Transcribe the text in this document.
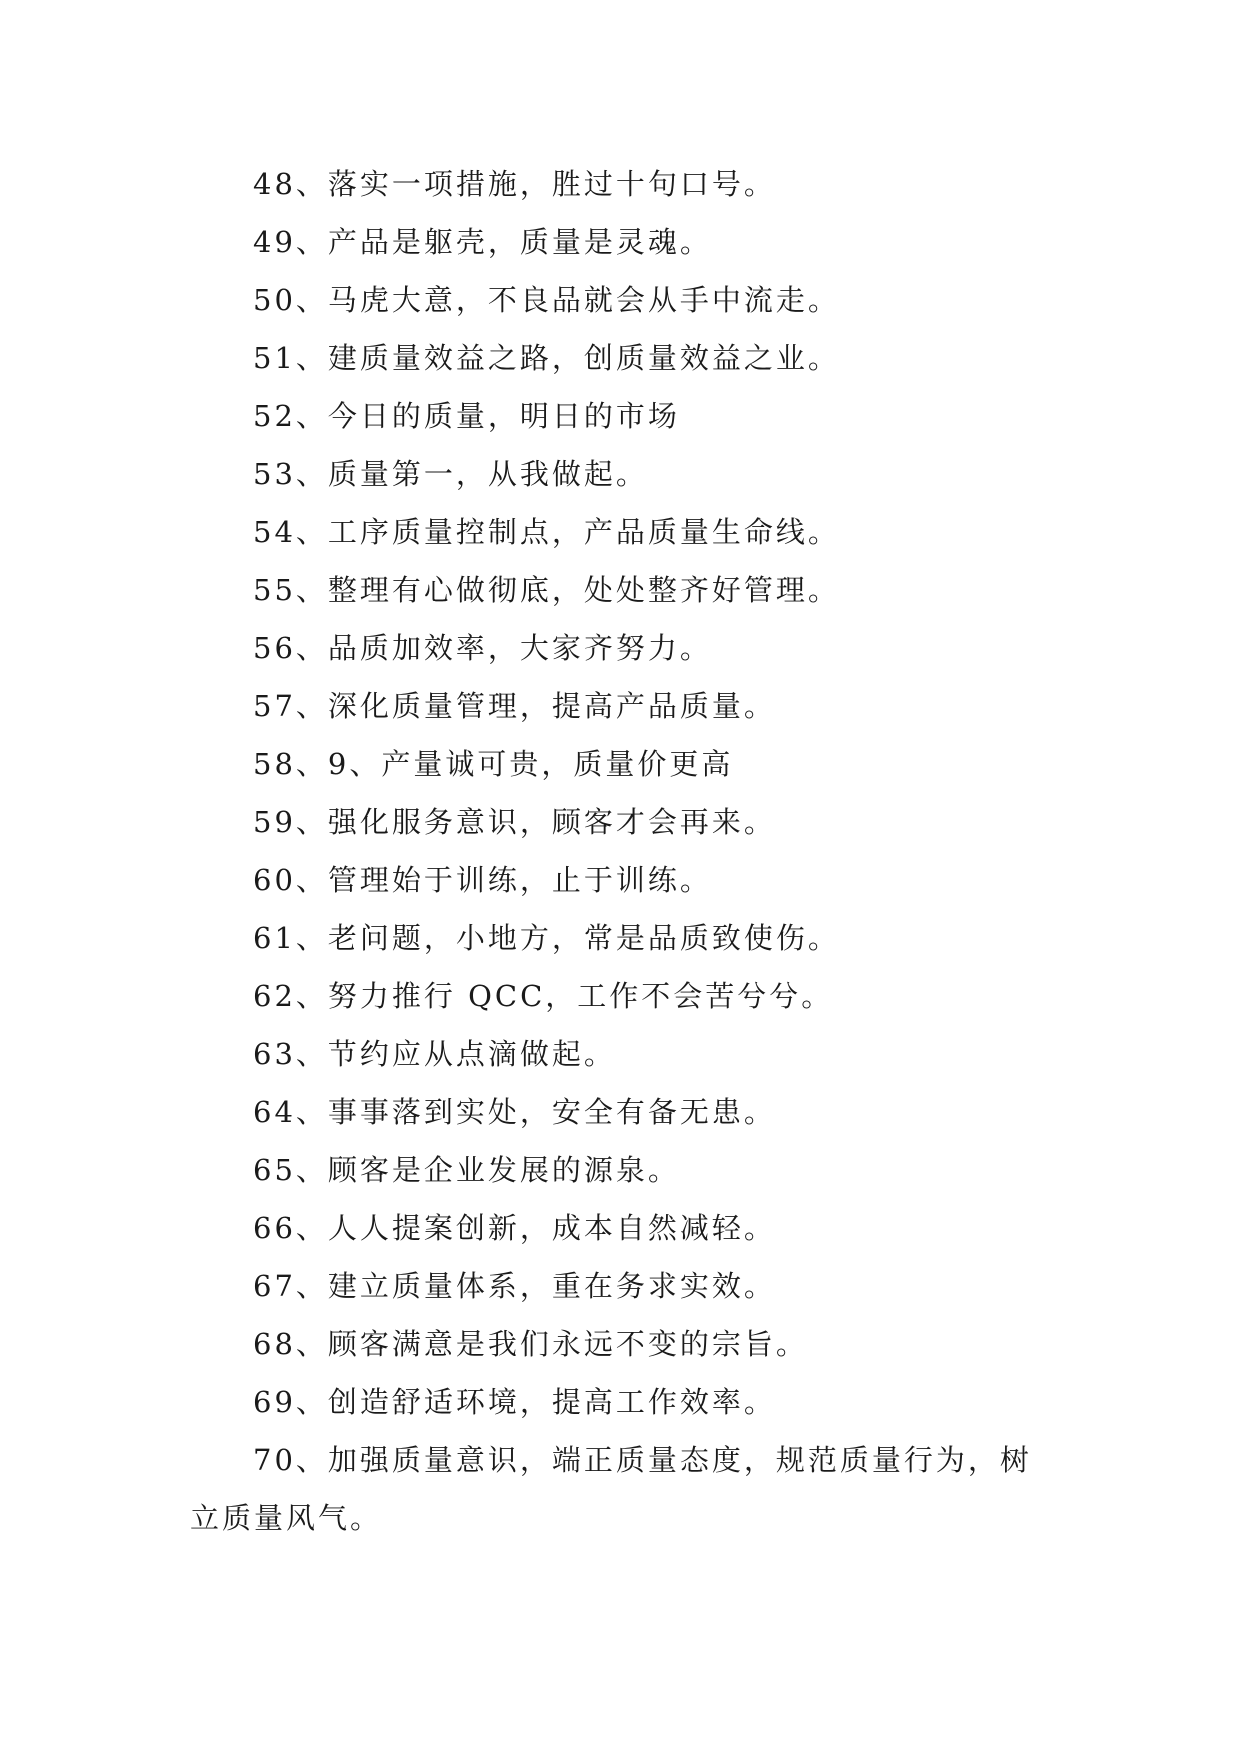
48、落实一项措施，胜过十句口号。
49、产品是躯壳，质量是灵魂。
50、马虎大意，不良品就会从手中流走。
51、建质量效益之路，创质量效益之业。
52、今日的质量，明日的市场
53、质量第一，从我做起。
54、工序质量控制点，产品质量生命线。
55、整理有心做彻底，处处整齐好管理。
56、品质加效率，大家齐努力。
57、深化质量管理，提高产品质量。
58、9、产量诚可贵，质量价更高
59、强化服务意识，顾客才会再来。
60、管理始于训练，止于训练。
61、老问题，小地方，常是品质致使伤。
62、努力推行 QCC，工作不会苦兮兮。
63、节约应从点滴做起。
64、事事落到实处，安全有备无患。
65、顾客是企业发展的源泉。
66、人人提案创新，成本自然减轻。
67、建立质量体系，重在务求实效。
68、顾客满意是我们永远不变的宗旨。
69、创造舒适环境，提高工作效率。
70、加强质量意识，端正质量态度，规范质量行为，树立质量风气。
